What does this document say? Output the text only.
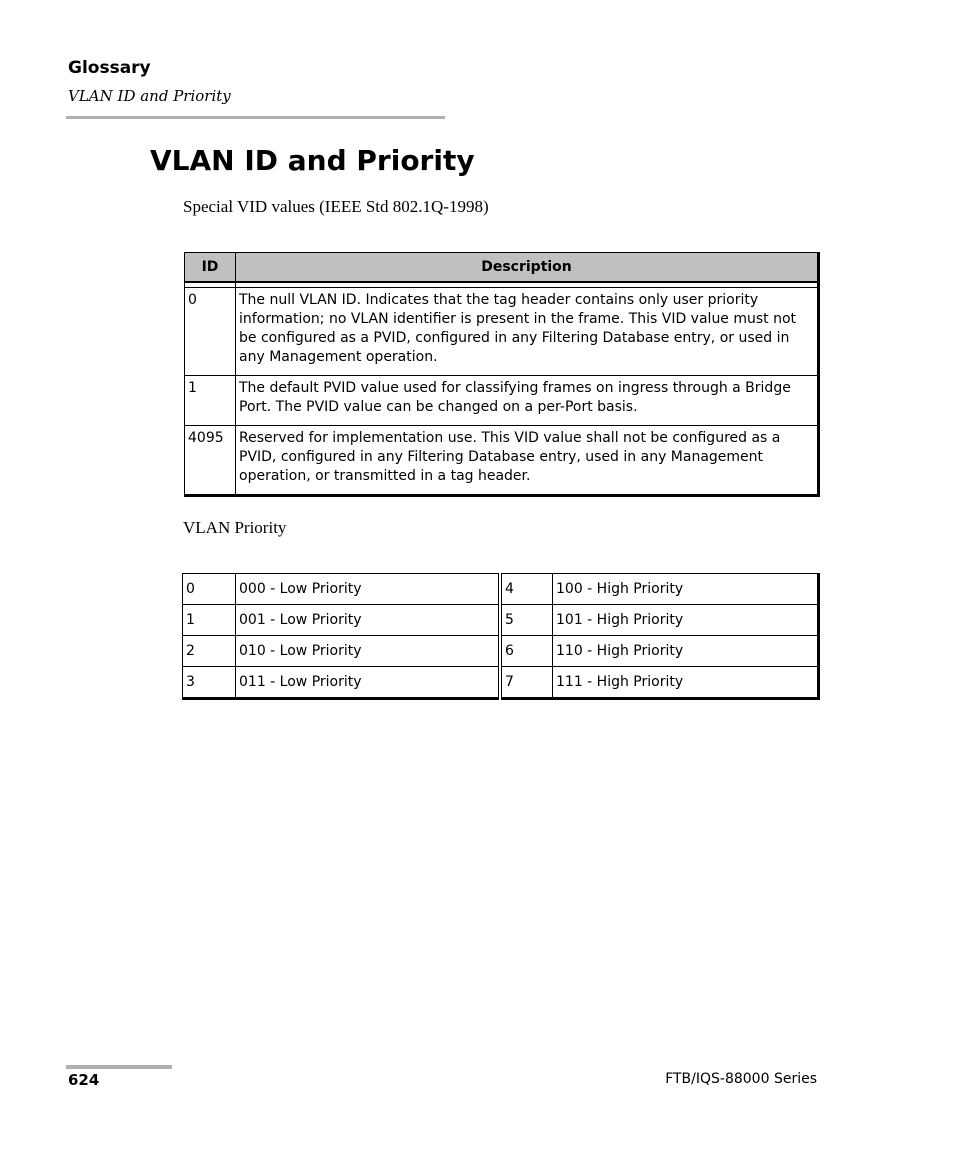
Glossary
VLAN ID and Priority
VLAN ID and Priority
Special VID values (IEEE Std 802.1Q-1998)
ID	Description

0	The null VLAN ID. Indicates that the tag header contains only user priority information; no VLAN identifier is present in the frame. This VID value must not be configured as a PVID, configured in any Filtering Database entry, or used in any Management operation.
1	The default PVID value used for classifying frames on ingress through a Bridge Port. The PVID value can be changed on a per-Port basis.
4095	Reserved for implementation use. This VID value shall not be configured as a PVID, configured in any Filtering Database entry, used in any Management operation, or transmitted in a tag header.
VLAN Priority
0	000 - Low Priority	4	100 - High Priority
1	001 - Low Priority	5	101 - High Priority
2	010 - Low Priority	6	110 - High Priority
3	011 - Low Priority	7	111 - High Priority
624	FTB/IQS-88000 Series
